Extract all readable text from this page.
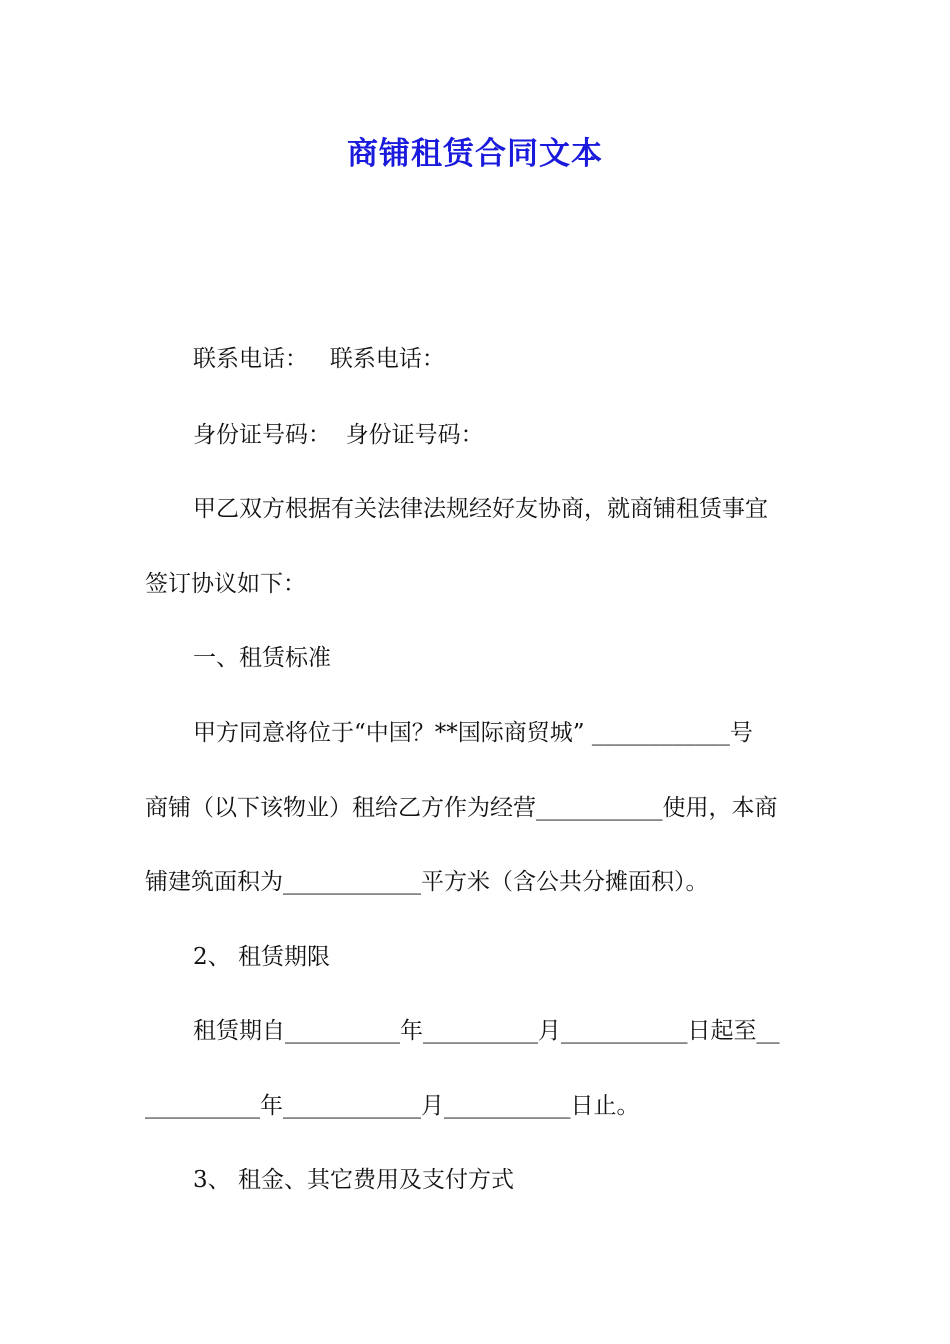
商铺租赁合同文本
联系电话：   联系电话：
身份证号码：  身份证号码：
甲乙双方根据有关法律法规经好友协商，就商铺租赁事宜
签订协议如下：
一、租赁标准
甲方同意将位于“中国？**国际商贸城” ____________号
商铺（以下该物业）租给乙方作为经营___________使用，本商
铺建筑面积为____________平方米（含公共分摊面积）。
2、 租赁期限
租赁期自__________年__________月___________日起至__
__________年____________月___________日止。
3、 租金、其它费用及支付方式
